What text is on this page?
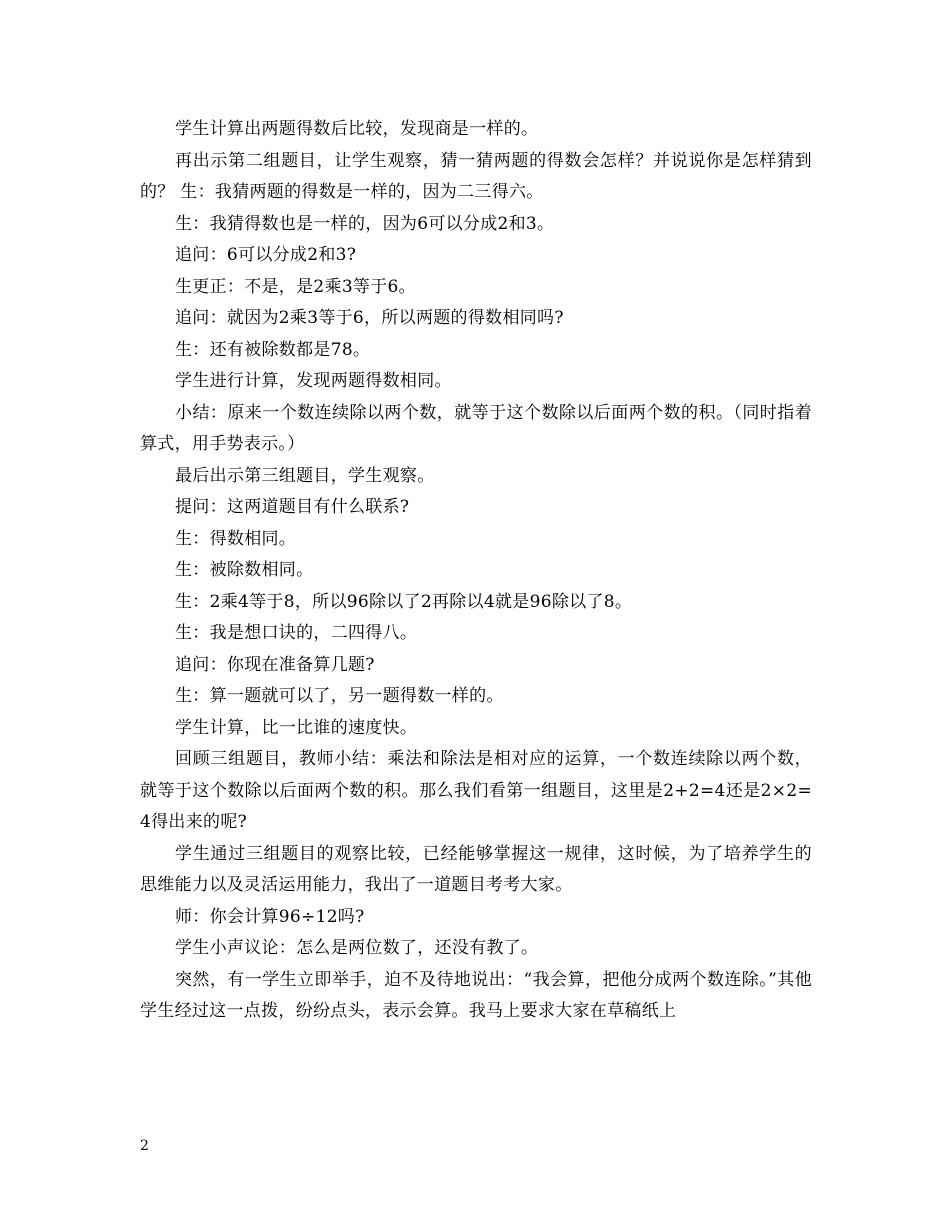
学生计算出两题得数后比较，发现商是一样的。

再出示第二组题目，让学生观察，猜一猜两题的得数会怎样？并说说你是怎样猜到的？ 生：我猜两题的得数是一样的，因为二三得六。

生：我猜得数也是一样的，因为6可以分成2和3。

追问：6可以分成2和3?

生更正：不是，是2乘3等于6。

追问：就因为2乘3等于6，所以两题的得数相同吗?

生：还有被除数都是78。

学生进行计算，发现两题得数相同。

小结：原来一个数连续除以两个数，就等于这个数除以后面两个数的积。（同时指着算式，用手势表示。）

最后出示第三组题目，学生观察。

提问：这两道题目有什么联系?

生：得数相同。

生：被除数相同。

生：2乘4等于8，所以96除以了2再除以4就是96除以了8。

生：我是想口诀的，二四得八。

追问：你现在准备算几题?

生：算一题就可以了，另一题得数一样的。

学生计算，比一比谁的速度快。

回顾三组题目，教师小结：乘法和除法是相对应的运算，一个数连续除以两个数，就等于这个数除以后面两个数的积。那么我们看第一组题目，这里是2+2=4还是2×2=4得出来的呢?

学生通过三组题目的观察比较，已经能够掌握这一规律，这时候，为了培养学生的思维能力以及灵活运用能力，我出了一道题目考考大家。

师：你会计算96÷12吗?

学生小声议论：怎么是两位数了，还没有教了。

突然，有一学生立即举手，迫不及待地说出：“我会算，把他分成两个数连除。”其他学生经过这一点拨，纷纷点头，表示会算。我马上要求大家在草稿纸上

2
